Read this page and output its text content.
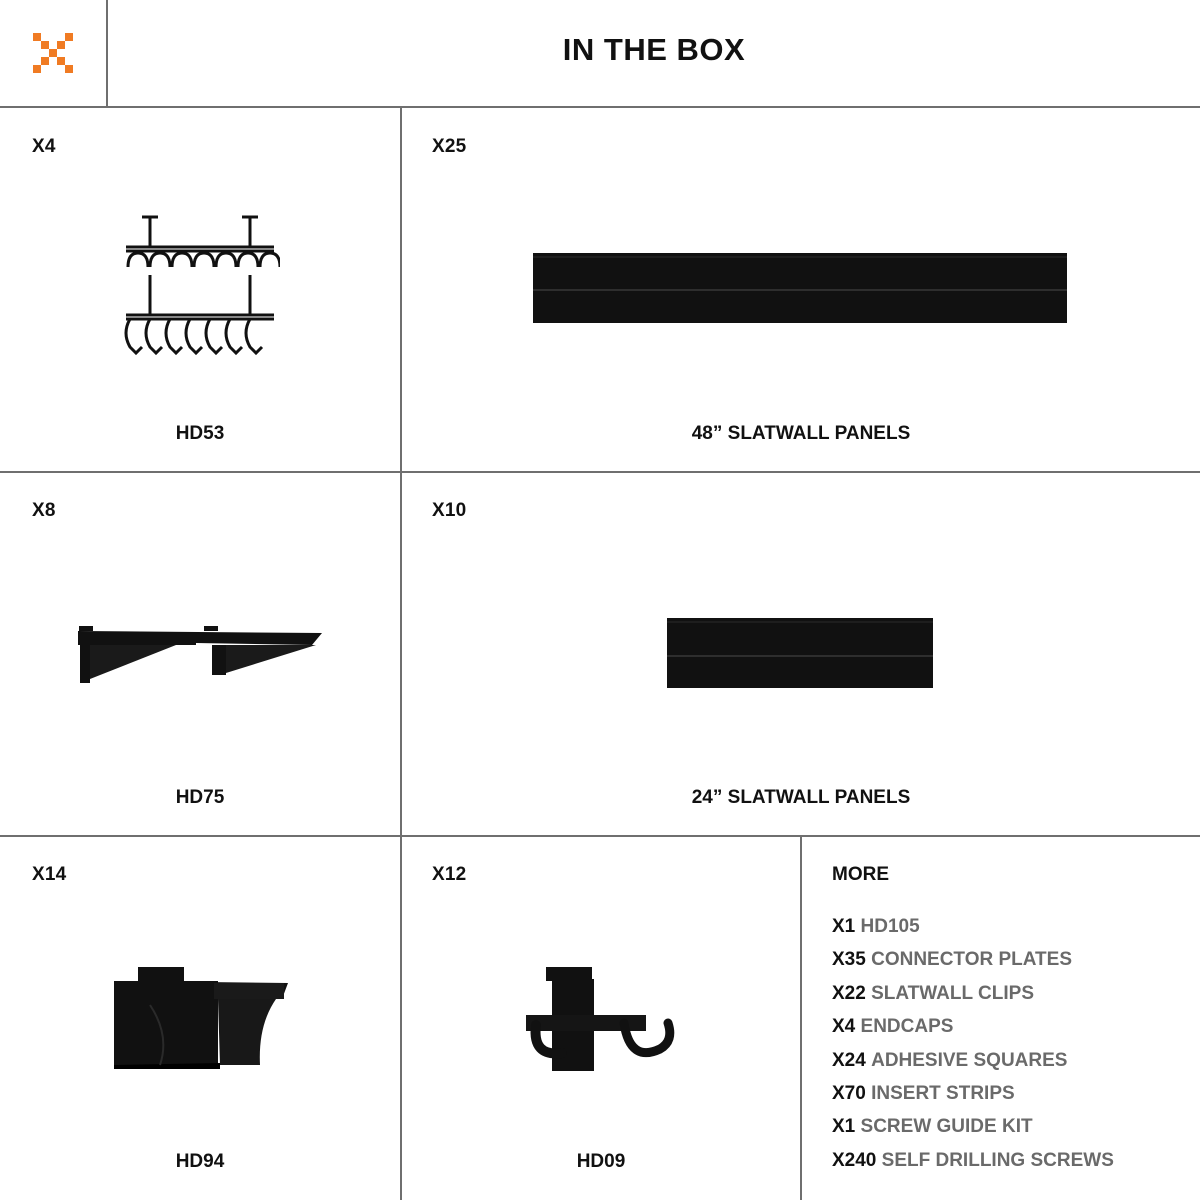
IN THE BOX
X4
HD53
X25
48” SLATWALL PANELS
X8
HD75
X10
24” SLATWALL PANELS
X14
HD94
X12
HD09
MORE
X1 HD105
X35 CONNECTOR PLATES
X22 SLATWALL CLIPS
X4 ENDCAPS
X24 ADHESIVE SQUARES
X70 INSERT STRIPS
X1 SCREW GUIDE KIT
X240 SELF DRILLING SCREWS
